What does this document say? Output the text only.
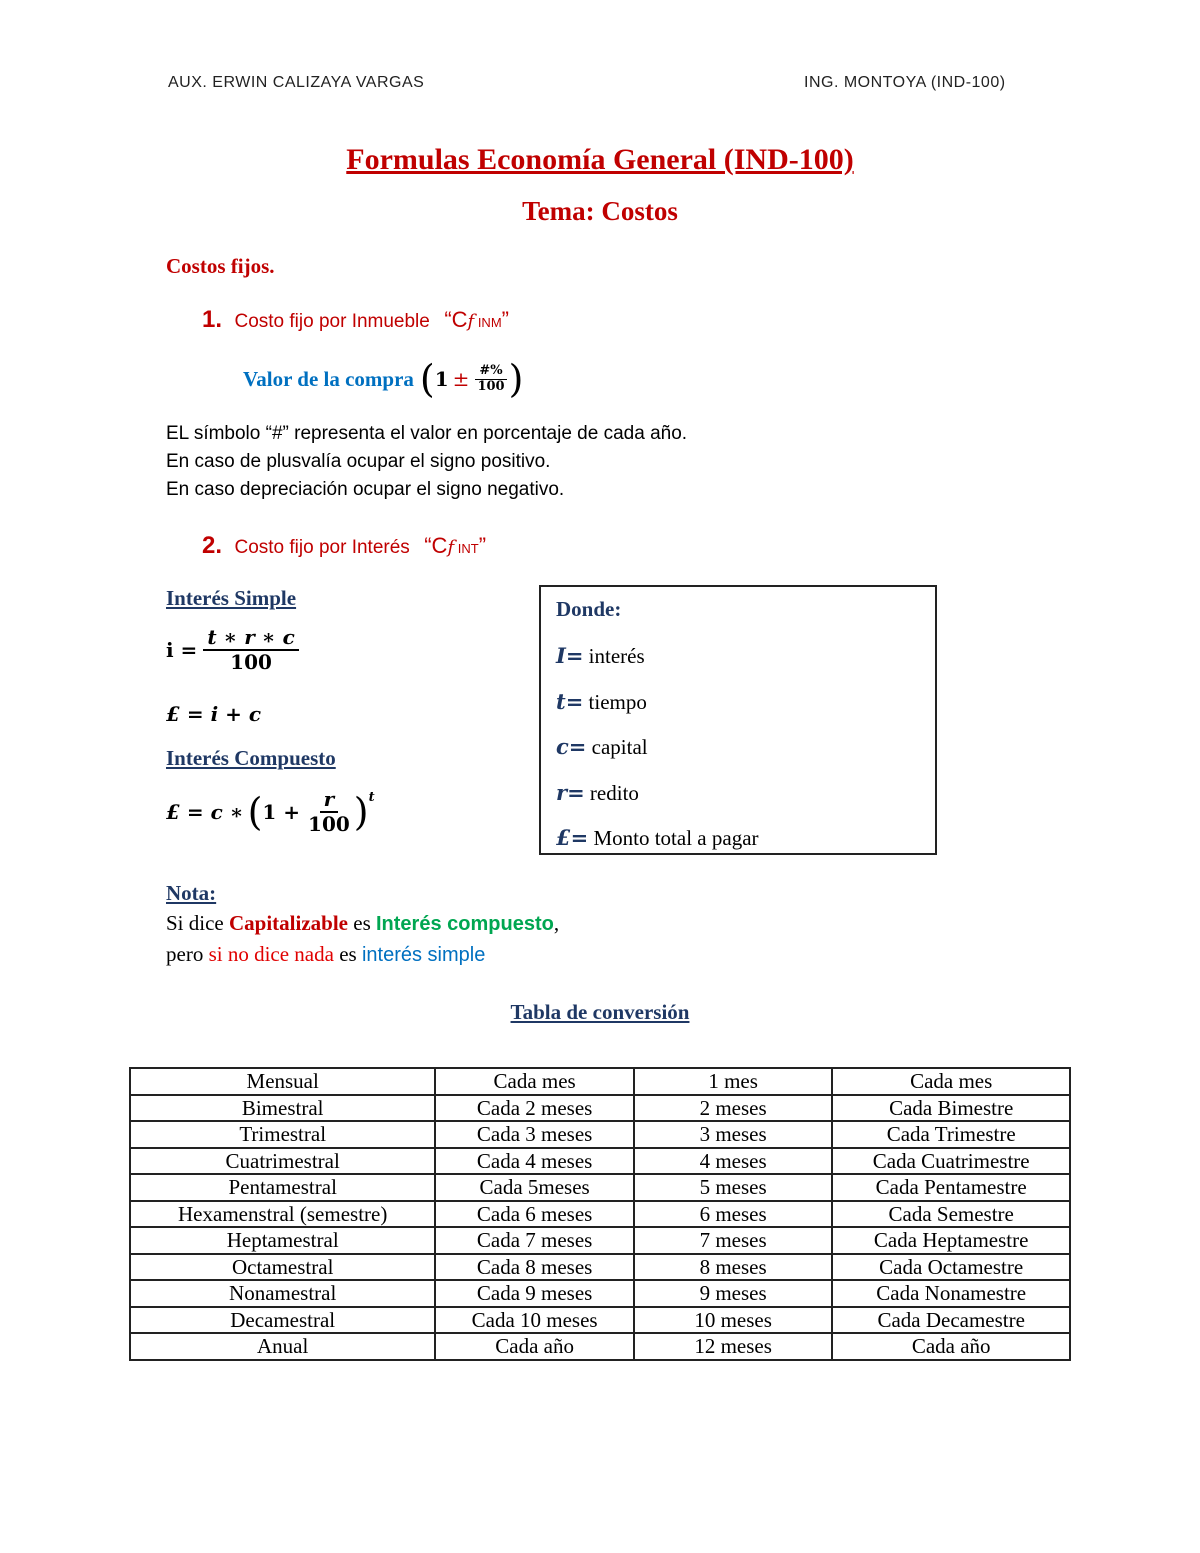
AUX. ERWIN CALIZAYA VARGAS	ING. MONTOYA (IND-100)
Formulas Economía General (IND-100)
Tema: Costos
Costos fijos.
1. Costo fijo por Inmueble “Cf INM”
Valor de la compra ( $1 \pm \frac{\#\%}{100}$ )
EL símbolo “#” representa el valor en porcentaje de cada año.
En caso de plusvalía ocupar el signo positivo.
En caso depreciación ocupar el signo negativo.
2. Costo fijo por Interés “Cf INT”
Interés Simple
$i = \frac{t ∗ r ∗ c}{100}$
£ = i + c
Interés Compuesto
£ = c ∗ ( $1 + \frac{r}{100} )^t$
Donde:
I= interés
t= tiempo
c= capital
r= redito
£= Monto total a pagar
Nota:
Si dice Capitalizable es Interés compuesto,
pero si no dice nada es interés simple
Tabla de conversión
Mensual	Cada mes	1 mes	Cada mes
Bimestral	Cada 2 meses	2 meses	Cada Bimestre
Trimestral	Cada 3 meses	3 meses	Cada Trimestre
Cuatrimestral	Cada 4 meses	4 meses	Cada Cuatrimestre
Pentamestral	Cada 5meses	5 meses	Cada Pentamestre
Hexamenstral (semestre)	Cada 6 meses	6 meses	Cada Semestre
Heptamestral	Cada 7 meses	7 meses	Cada Heptamestre
Octamestral	Cada 8 meses	8 meses	Cada Octamestre
Nonamestral	Cada 9 meses	9 meses	Cada Nonamestre
Decamestral	Cada 10 meses	10 meses	Cada Decamestre
Anual	Cada año	12 meses	Cada año
